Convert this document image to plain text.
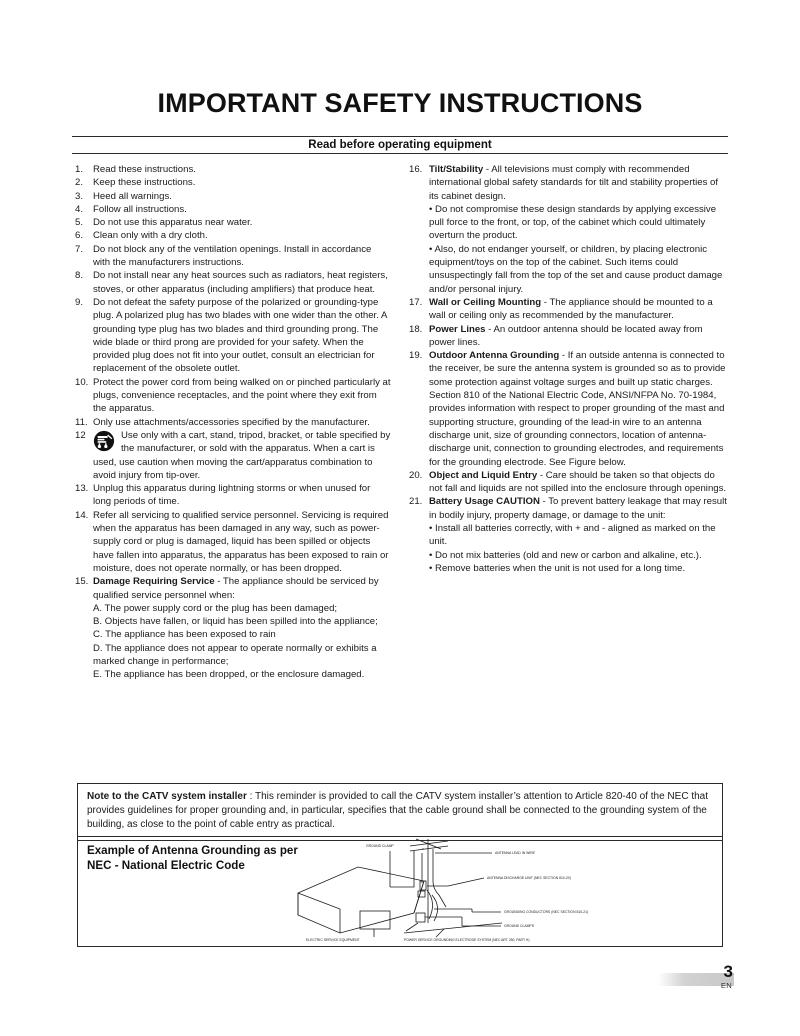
IMPORTANT SAFETY INSTRUCTIONS
Read before operating equipment
1.	Read these instructions.
2.	Keep these instructions.
3.	Heed all warnings.
4.	Follow all instructions.
5.	Do not use this apparatus near water.
6.	Clean only with a dry cloth.
7.	Do not block any of the ventilation openings. Install in accordance with the manufacturers instructions.
8.	Do not install near any heat sources such as radiators, heat registers, stoves, or other apparatus (including amplifiers) that produce heat.
9.	Do not defeat the safety purpose of the polarized or grounding-type plug. A polarized plug has two blades with one wider than the other. A grounding type plug has two blades and third grounding prong. The wide blade or third prong are provided for your safety. When the provided plug does not fit into your outlet, consult an electrician for replacement of the obsolete outlet.
10. Protect the power cord from being walked on or pinched particularly at plugs, convenience receptacles, and the point where they exit from the apparatus.
11. Only use attachments/accessories specified by the manufacturer.
12	Use only with a cart, stand, tripod, bracket, or table specified by the manufacturer, or sold with the apparatus. When a cart is used, use caution when moving the cart/apparatus combination to avoid injury from tip-over.
13. Unplug this apparatus during lightning storms or when unused for long periods of time.
14. Refer all servicing to qualified service personnel. Servicing is required when the apparatus has been damaged in any way, such as power-supply cord or plug is damaged, liquid has been spilled or objects have fallen into apparatus, the apparatus has been exposed to rain or moisture, does not operate normally, or has been dropped.
15. Damage Requiring Service - The appliance should be serviced by qualified service personnel when:
A. The power supply cord or the plug has been damaged;
B. Objects have fallen, or liquid has been spilled into the appliance;
C. The appliance has been exposed to rain
D. The appliance does not appear to operate normally or exhibits a marked change in performance;
E. The appliance has been dropped, or the enclosure damaged.
16. Tilt/Stability - All televisions must comply with recommended international global safety standards for tilt and stability properties of its cabinet design.
• Do not compromise these design standards by applying excessive pull force to the front, or top, of the cabinet which could ultimately overturn the product.
• Also, do not endanger yourself, or children, by placing electronic equipment/toys on the top of the cabinet. Such items could unsuspectingly fall from the top of the set and cause product damage and/or personal injury.
17. Wall or Ceiling Mounting - The appliance should be mounted to a wall or ceiling only as recommended by the manufacturer.
18. Power Lines - An outdoor antenna should be located away from power lines.
19. Outdoor Antenna Grounding - If an outside antenna is connected to the receiver, be sure the antenna system is grounded so as to provide some protection against voltage surges and built up static charges.
Section 810 of the National Electric Code, ANSI/NFPA No. 70-1984, provides information with respect to proper grounding of the mast and supporting structure, grounding of the lead-in wire to an antenna discharge unit, size of grounding connectors, location of antenna-discharge unit, connection to grounding electrodes, and requirements for the grounding electrode. See Figure below.
20. Object and Liquid Entry - Care should be taken so that objects do not fall and liquids are not spilled into the enclosure through openings.
21. Battery Usage CAUTION - To prevent battery leakage that may result in bodily injury, property damage, or damage to the unit:
• Install all batteries correctly, with + and - aligned as marked on the unit.
• Do not mix batteries (old and new or carbon and alkaline, etc.).
• Remove batteries when the unit is not used for a long time.
Note to the CATV system installer : This reminder is provided to call the CATV system installer’s attention to Article 820-40 of the NEC that provides guidelines for proper grounding and, in particular, specifies that the cable ground shall be connected to the grounding system of the building, as close to the point of cable entry as practical.
Example of Antenna Grounding as per NEC - National Electric Code
GROUND CLAMP
ANTENNA LEAD IN WIRE
ANTENNA DISCHARGE UNIT (NEC SECTION 810-20)
GROUNDING CONDUCTORS (NEC SECTION 810-21)
GROUND CLAMPS
ELECTRIC SERVICE EQUIPMENT	POWER SERVICE GROUNDING ELECTRODE SYSTEM (NEC ART 250, PART H)
3
EN
